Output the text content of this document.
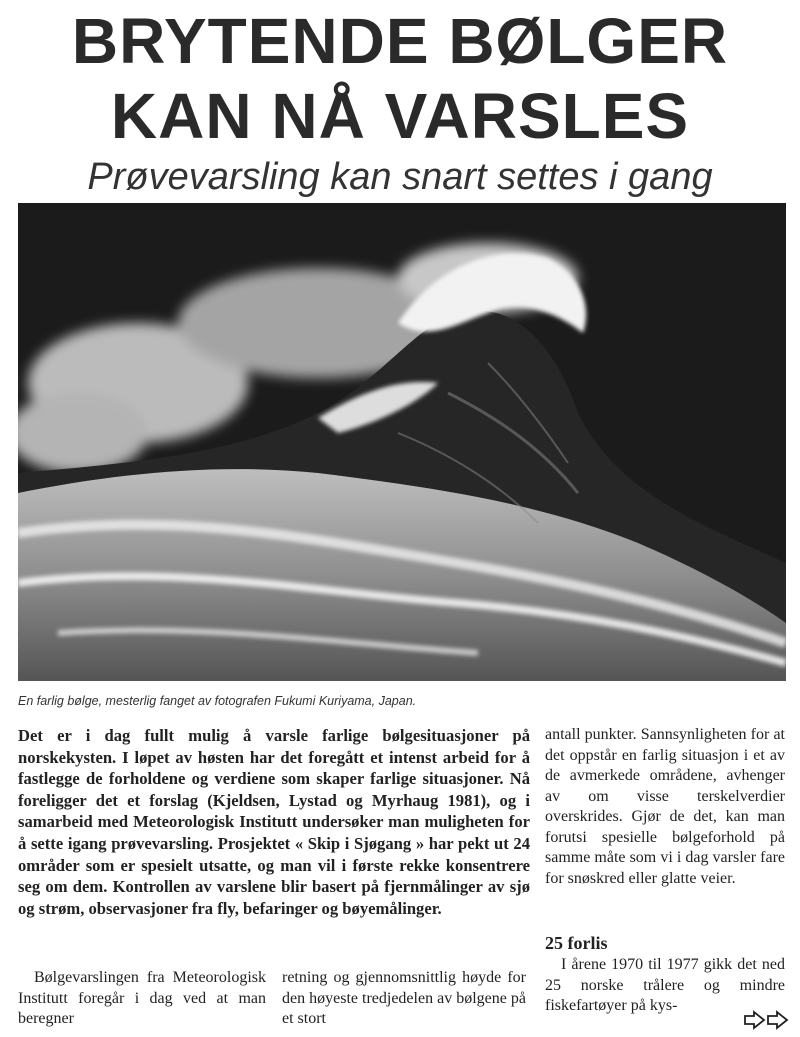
BRYTENDE BØLGER
KAN NÅ VARSLES
Prøvevarsling kan snart settes i gang
En farlig bølge, mesterlig fanget av fotografen Fukumi Kuriyama, Japan.

Det er i dag fullt mulig å varsle farlige bølgesituasjoner på norskekysten. I løpet av høsten har det foregått et intenst arbeid for å fastlegge de forholdene og verdiene som skaper farlige situasjoner. Nå foreligger det et forslag (Kjeldsen, Lystad og Myrhaug 1981), og i samarbeid med Meteorologisk Institutt undersøker man muligheten for å sette igang prøvevarsling. Prosjektet « Skip i Sjøgang » har pekt ut 24 områder som er spesielt utsatte, og man vil i første rekke konsentrere seg om dem. Kontrollen av varslene blir basert på fjernmålinger av sjø og strøm, observasjoner fra fly, befaringer og bøyemålinger.

Bølgevarslingen fra Meteorologisk Institutt foregår i dag ved at man beregner

retning og gjennomsnittlig høyde for den høyeste tredjedelen av bølgene på et stort

antall punkter. Sannsynligheten for at det oppstår en farlig situasjon i et av de avmerkede områdene, avhenger av om visse terskelverdier overskrides. Gjør de det, kan man forutsi spesielle bølgeforhold på samme måte som vi i dag varsler fare for snøskred eller glatte veier.

25 forlis

I årene 1970 til 1977 gikk det ned 25 norske trålere og mindre fiskefartøyer på kys-
